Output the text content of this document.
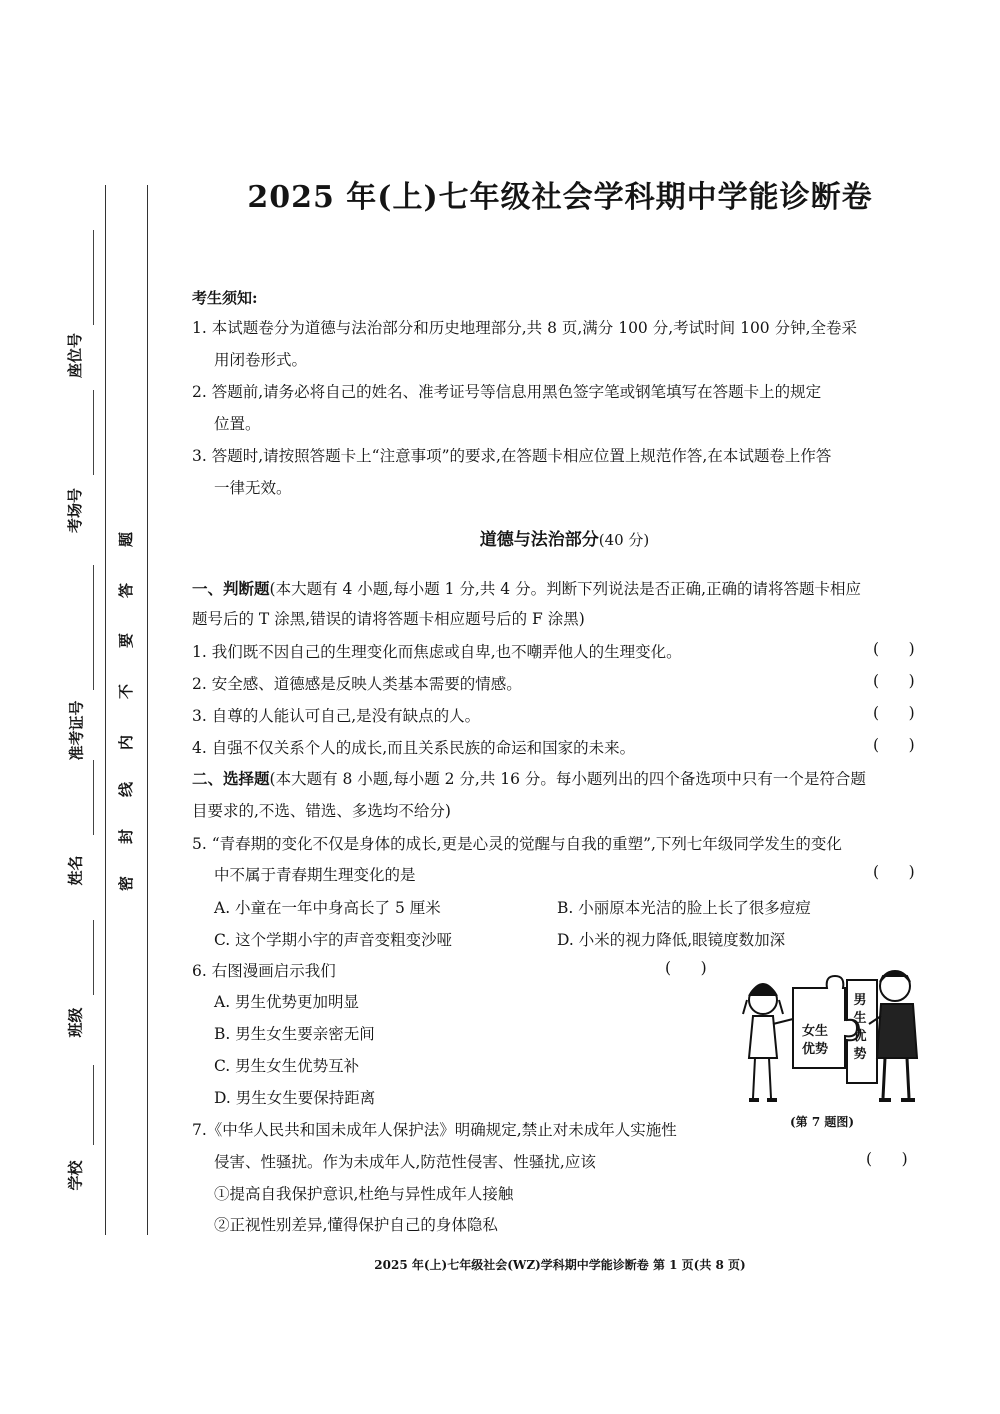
座位号
考场号
准考证号
姓名
班级
学校
密
封
线
内
不
要
答
题
2025 年(上)七年级社会学科期中学能诊断卷
考生须知:
1. 本试题卷分为道德与法治部分和历史地理部分,共 8 页,满分 100 分,考试时间 100 分钟,全卷采
用闭卷形式。
2. 答题前,请务必将自己的姓名、准考证号等信息用黑色签字笔或钢笔填写在答题卡上的规定
位置。
3. 答题时,请按照答题卡上“注意事项”的要求,在答题卡相应位置上规范作答,在本试题卷上作答
一律无效。
道德与法治部分(40 分)
一、判断题(本大题有 4 小题,每小题 1 分,共 4 分。判断下列说法是否正确,正确的请将答题卡相应
题号后的 T 涂黑,错误的请将答题卡相应题号后的 F 涂黑)
1. 我们既不因自己的生理变化而焦虑或自卑,也不嘲弄他人的生理变化。	(      )
2. 安全感、道德感是反映人类基本需要的情感。	(      )
3. 自尊的人能认可自己,是没有缺点的人。	(      )
4. 自强不仅关系个人的成长,而且关系民族的命运和国家的未来。	(      )
二、选择题(本大题有 8 小题,每小题 2 分,共 16 分。每小题列出的四个备选项中只有一个是符合题
目要求的,不选、错选、多选均不给分)
5. “青春期的变化不仅是身体的成长,更是心灵的觉醒与自我的重塑”,下列七年级同学发生的变化
中不属于青春期生理变化的是	(      )
A. 小童在一年中身高长了 5 厘米	B. 小丽原本光洁的脸上长了很多痘痘
C. 这个学期小宇的声音变粗变沙哑	D. 小米的视力降低,眼镜度数加深
6. 右图漫画启示我们	(      )
A. 男生优势更加明显
B. 男生女生要亲密无间
C. 男生女生优势互补
D. 男生女生要保持距离
女生
优势
男
生
优
势
(第 7 题图)
7.《中华人民共和国未成年人保护法》明确规定,禁止对未成年人实施性
侵害、性骚扰。作为未成年人,防范性侵害、性骚扰,应该	(      )
①提高自我保护意识,杜绝与异性成年人接触
②正视性别差异,懂得保护自己的身体隐私
2025 年(上)七年级社会(WZ)学科期中学能诊断卷 第 1 页(共 8 页)
